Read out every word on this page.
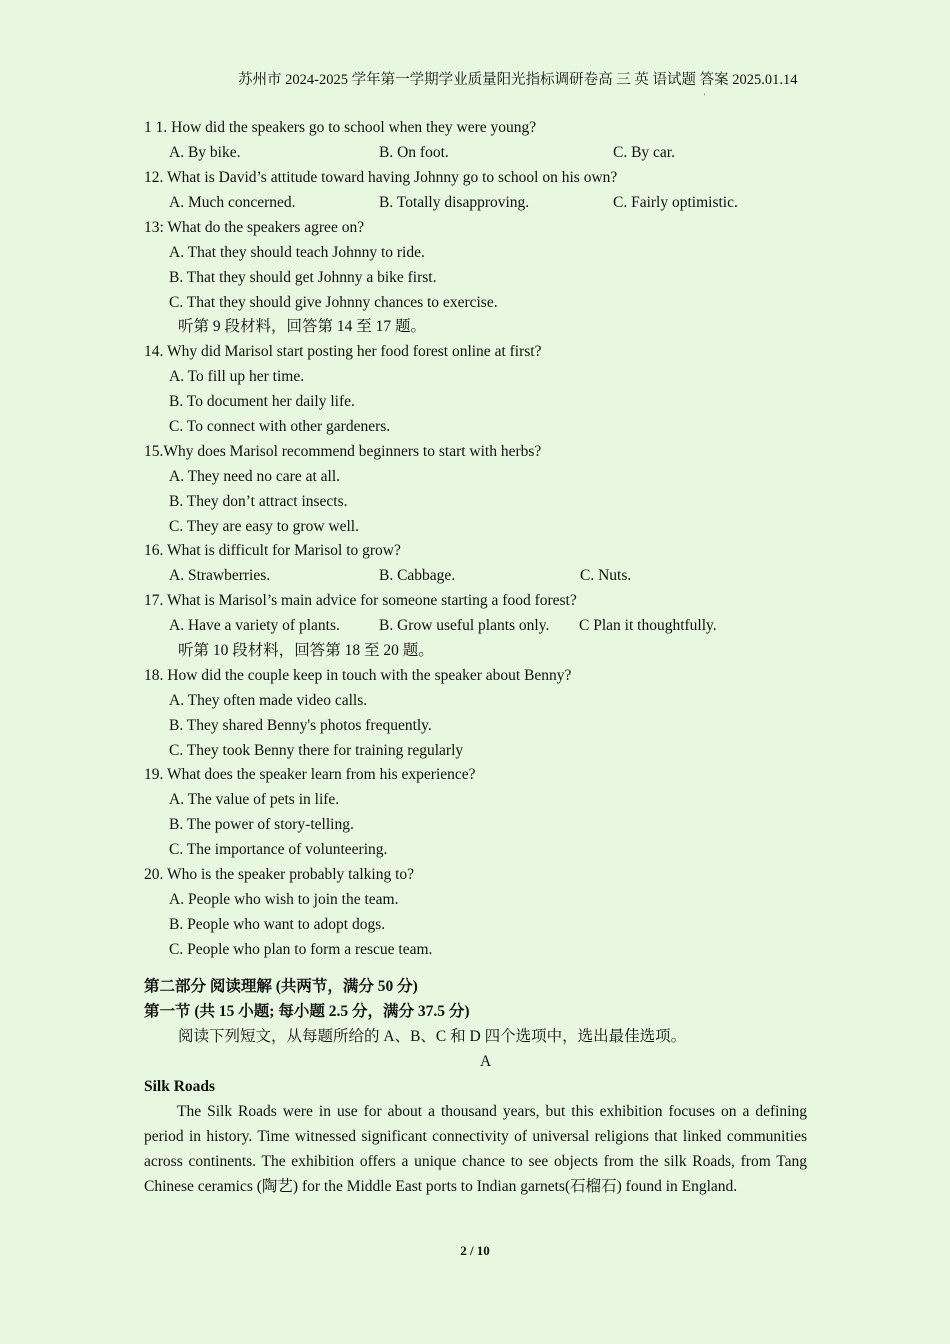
苏州市 2024-2025 学年第一学期学业质量阳光指标调研卷高 三 英 语试题 答案 2025.01.14
'
1 1. How did the speakers go to school when they were young?
A. By bike.	B. On foot.	C. By car.
12. What is David’s attitude toward having Johnny go to school on his own?
A. Much concerned.	B. Totally disapproving.	C. Fairly optimistic.
13: What do the speakers agree on?
A. That they should teach Johnny to ride.
B. That they should get Johnny a bike first.
C. That they should give Johnny chances to exercise.
听第 9 段材料，回答第 14 至 17 题。
14. Why did Marisol start posting her food forest online at first?
A. To fill up her time.
B. To document her daily life.
C. To connect with other gardeners.
15.Why does Marisol recommend beginners to start with herbs?
A. They need no care at all.
B. They don’t attract insects.
C. They are easy to grow well.
16. What is difficult for Marisol to grow?
A. Strawberries.	B. Cabbage.	C. Nuts.
17. What is Marisol’s main advice for someone starting a food forest?
A. Have a variety of plants.	B. Grow useful plants only. C Plan it thoughtfully.
听第 10 段材料，回答第 18 至 20 题。
18. How did the couple keep in touch with the speaker about Benny?
A. They often made video calls.
B. They shared Benny's photos frequently.
C. They took Benny there for training regularly
19. What does the speaker learn from his experience?
A. The value of pets in life.
B. The power of story-telling.
C. The importance of volunteering.
20. Who is the speaker probably talking to?
A. People who wish to join the team.
B. People who want to adopt dogs.
C. People who plan to form a rescue team.
第二部分 阅读理解 (共两节，满分 50 分)
第一节 (共 15 小题; 每小题 2.5 分，满分 37.5 分)
阅读下列短文，从每题所给的 A、B、C 和 D 四个选项中，选出最佳选项。
A
Silk Roads
The Silk Roads were in use for about a thousand years, but this exhibition focuses on a defining period in history. Time witnessed significant connectivity of universal religions that linked communities across continents. The exhibition offers a unique chance to see objects from the silk Roads, from Tang Chinese ceramics (陶艺) for the Middle East ports to Indian garnets(石榴石) found in England.
2 / 10
